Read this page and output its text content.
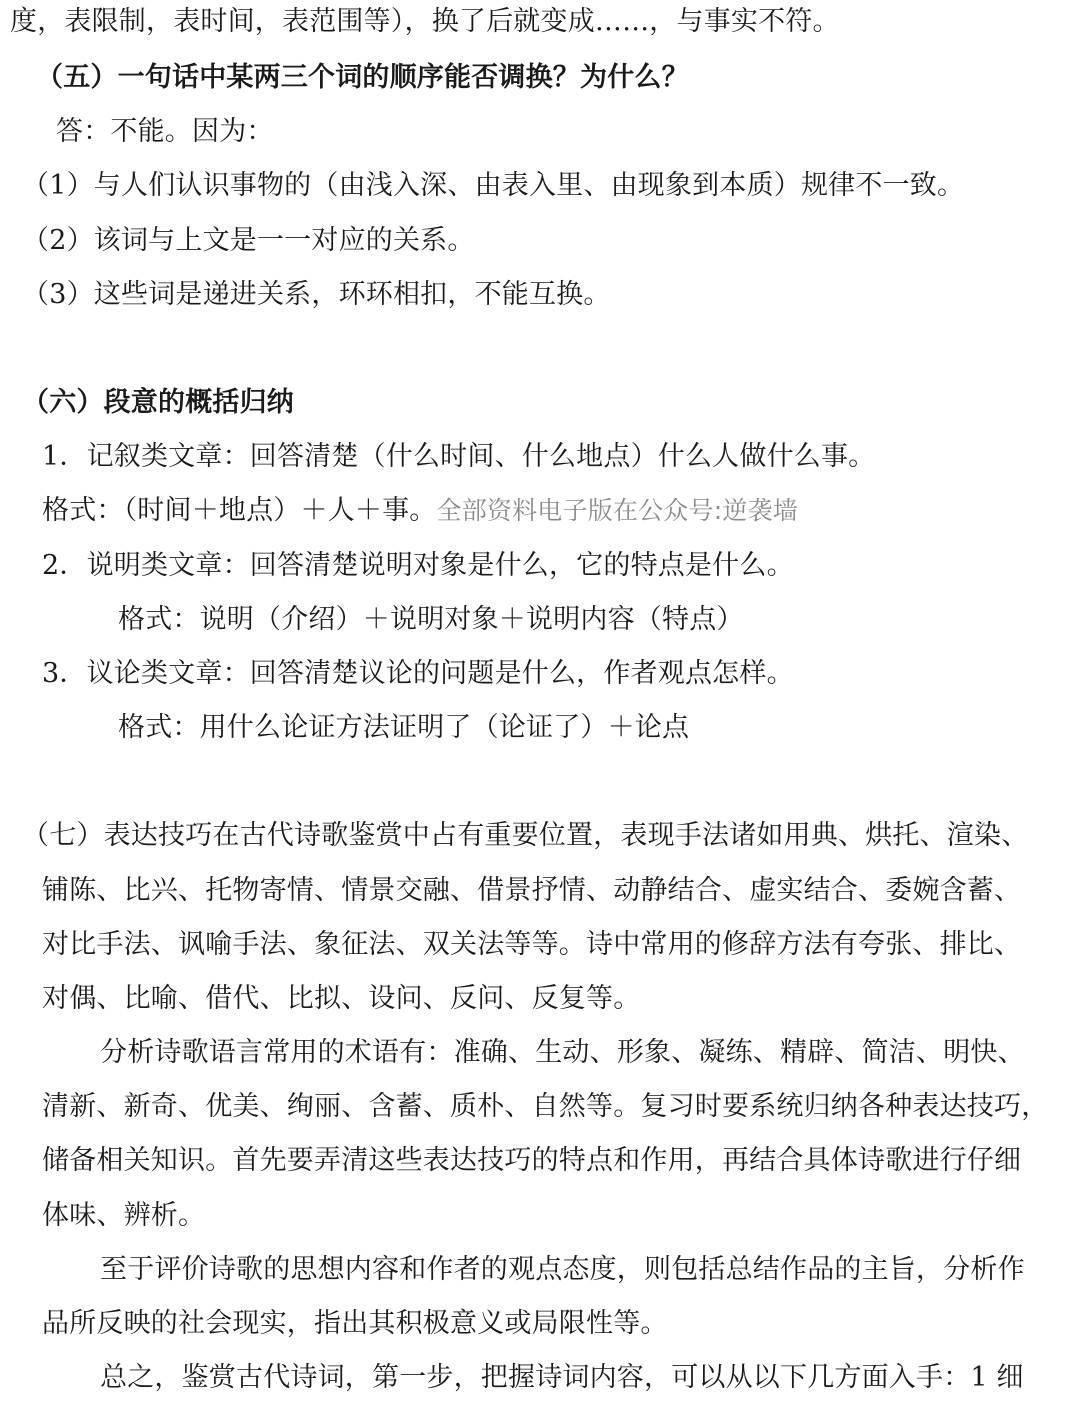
度，表限制，表时间，表范围等），换了后就变成……，与事实不符。
（五）一句话中某两三个词的顺序能否调换？为什么？
答：不能。因为：
（1）与人们认识事物的（由浅入深、由表入里、由现象到本质）规律不一致。
（2）该词与上文是一一对应的关系。
（3）这些词是递进关系，环环相扣，不能互换。
（六）段意的概括归纳
1．记叙类文章：回答清楚（什么时间、什么地点）什么人做什么事。
格式：（时间＋地点）＋人＋事。全部资料电子版在公众号:逆袭墙
2．说明类文章：回答清楚说明对象是什么，它的特点是什么。
格式：说明（介绍）＋说明对象＋说明内容（特点）
3．议论类文章：回答清楚议论的问题是什么，作者观点怎样。
格式：用什么论证方法证明了（论证了）＋论点
（七）表达技巧在古代诗歌鉴赏中占有重要位置，表现手法诸如用典、烘托、渲染、
铺陈、比兴、托物寄情、情景交融、借景抒情、动静结合、虚实结合、委婉含蓄、
对比手法、讽喻手法、象征法、双关法等等。诗中常用的修辞方法有夸张、排比、
对偶、比喻、借代、比拟、设问、反问、反复等。
分析诗歌语言常用的术语有：准确、生动、形象、凝练、精辟、简洁、明快、
清新、新奇、优美、绚丽、含蓄、质朴、自然等。复习时要系统归纳各种表达技巧，
储备相关知识。首先要弄清这些表达技巧的特点和作用，再结合具体诗歌进行仔细
体味、辨析。
至于评价诗歌的思想内容和作者的观点态度，则包括总结作品的主旨，分析作
品所反映的社会现实，指出其积极意义或局限性等。
总之，鉴赏古代诗词，第一步，把握诗词内容，可以从以下几方面入手：1 细
